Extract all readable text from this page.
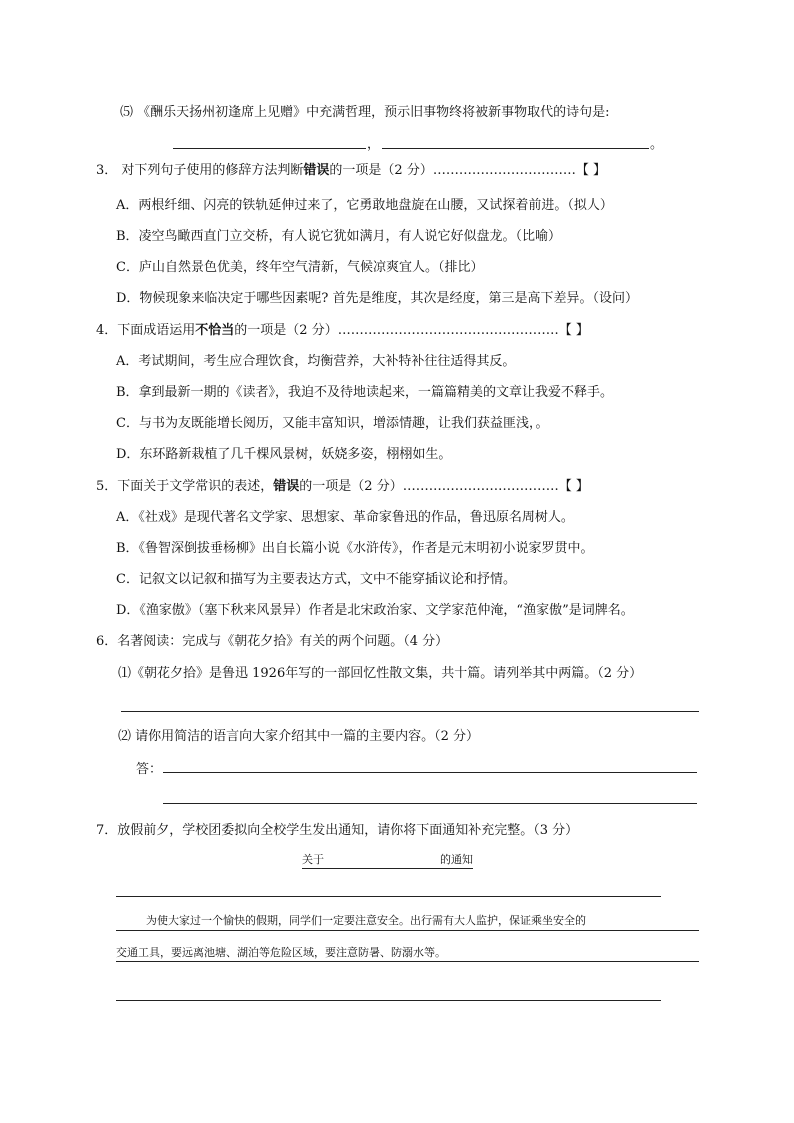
⑸ 《酬乐天扬州初逢席上见赠》中充满哲理，预示旧事物终将被新事物取代的诗句是:
，	。
3． 对下列句子使用的修辞方法判断错误的一项是（2 分）……………………………【 】
A．两根纤细、闪亮的铁轨延伸过来了，它勇敢地盘旋在山腰，又试探着前进。（拟人）
B．凌空鸟瞰西直门立交桥，有人说它犹如满月，有人说它好似盘龙。（比喻）
C．庐山自然景色优美，终年空气清新，气候凉爽宜人。（排比）
D．物候现象来临决定于哪些因素呢? 首先是维度，其次是经度，第三是高下差异。（设问）
4．下面成语运用不恰当的一项是（2 分）……………………………………………【 】
A．考试期间，考生应合理饮食，均衡营养，大补特补往往适得其反。
B．拿到最新一期的《读者》，我迫不及待地读起来，一篇篇精美的文章让我爱不释手。
C．与书为友既能增长阅历，又能丰富知识，增添情趣，让我们获益匪浅，。
D．东环路新栽植了几千棵风景树，妖娆多姿，栩栩如生。
5．下面关于文学常识的表述，错误的一项是（2 分）………………………………【 】
A．《社戏》是现代著名文学家、思想家、革命家鲁迅的作品，鲁迅原名周树人。
B．《鲁智深倒拔垂杨柳》出自长篇小说《水浒传》，作者是元末明初小说家罗贯中。
C．记叙文以记叙和描写为主要表达方式，文中不能穿插议论和抒情。
D．《渔家傲》（塞下秋来风景异）作者是北宋政治家、文学家范仲淹，“渔家傲”是词牌名。
6．名著阅读：完成与《朝花夕拾》有关的两个问题。（4 分）
⑴《朝花夕拾》是鲁迅 1926年写的一部回忆性散文集，共十篇。请列举其中两篇。（2 分）
⑵ 请你用简洁的语言向大家介绍其中一篇的主要内容。（2 分）
答：
7．放假前夕，学校团委拟向全校学生发出通知，请你将下面通知补充完整。（3 分）
关于	的通知
为使大家过一个愉快的假期，同学们一定要注意安全。出行需有大人监护，保证乘坐安全的
交通工具，要远离池塘、湖泊等危险区域，要注意防暑、防溺水等。
